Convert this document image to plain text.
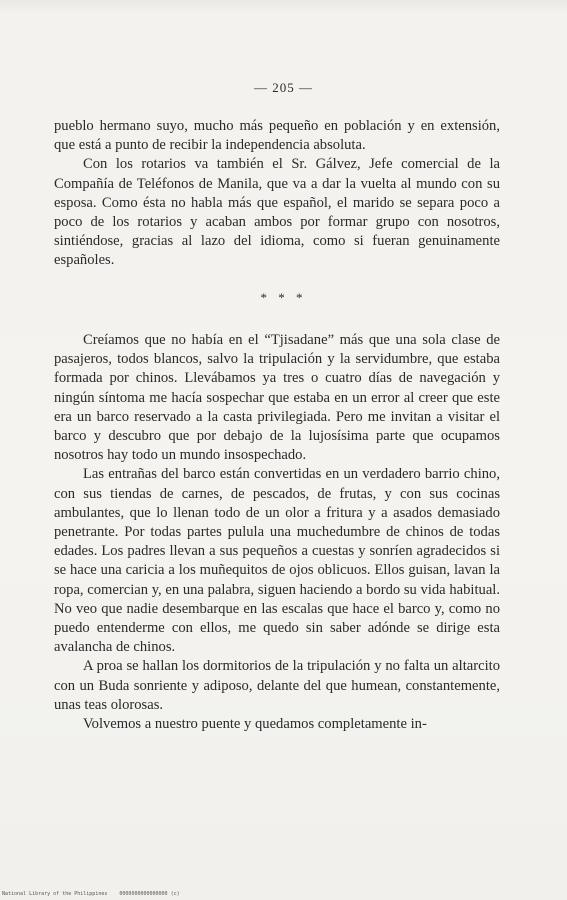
— 205 —

pueblo hermano suyo, mucho más pequeño en población y en extensión, que está a punto de recibir la independencia absoluta.

Con los rotarios va también el Sr. Gálvez, Jefe comercial de la Compañía de Teléfonos de Manila, que va a dar la vuelta al mundo con su esposa. Como ésta no habla más que español, el marido se separa poco a poco de los rotarios y acaban ambos por formar grupo con nosotros, sintiéndose, gracias al lazo del idioma, como si fueran genuinamente españoles.

* * *

Creíamos que no había en el “Tjisadane” más que una sola clase de pasajeros, todos blancos, salvo la tripulación y la servidumbre, que estaba formada por chinos. Llevábamos ya tres o cuatro días de navegación y ningún síntoma me hacía sospechar que estaba en un error al creer que este era un barco reservado a la casta privilegiada. Pero me invitan a visitar el barco y descubro que por debajo de la lujosísima parte que ocupamos nosotros hay todo un mundo insospechado.

Las entrañas del barco están convertidas en un verdadero barrio chino, con sus tiendas de carnes, de pescados, de frutas, y con sus cocinas ambulantes, que lo llenan todo de un olor a fritura y a asados demasiado penetrante. Por todas partes pulula una muchedumbre de chinos de todas edades. Los padres llevan a sus pequeños a cuestas y sonríen agradecidos si se hace una caricia a los muñequitos de ojos oblicuos. Ellos guisan, lavan la ropa, comercian y, en una palabra, siguen haciendo a bordo su vida habitual. No veo que nadie desembarque en las escalas que hace el barco y, como no puedo entenderme con ellos, me quedo sin saber adónde se dirige esta avalancha de chinos.

A proa se hallan los dormitorios de la tripulación y no falta un altarcito con un Buda sonriente y adiposo, delante del que humean, constantemente, unas teas olorosas.

Volvemos a nuestro puente y quedamos completamente in-

National Library of the Philippines    0000000000000000 (c)
